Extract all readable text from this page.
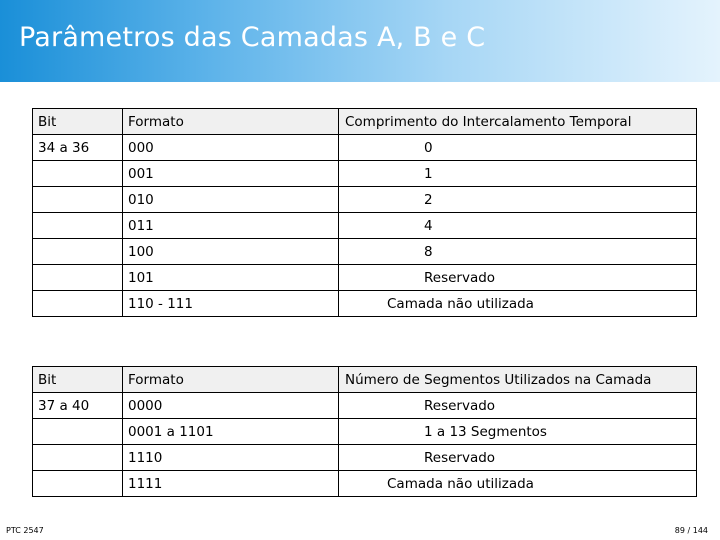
Parâmetros das Camadas A, B e C
Bit	Formato	Comprimento do Intercalamento Temporal
34 a 36	000	0
	001	1
	010	2
	011	4
	100	8
	101	Reservado
	110 - 111	Camada não utilizada
Bit	Formato	Número de Segmentos Utilizados na Camada
37 a 40	0000	Reservado
	0001 a 1101	1 a 13 Segmentos
	1110	Reservado
	1111	Camada não utilizada
PTC 2547	89 / 144
